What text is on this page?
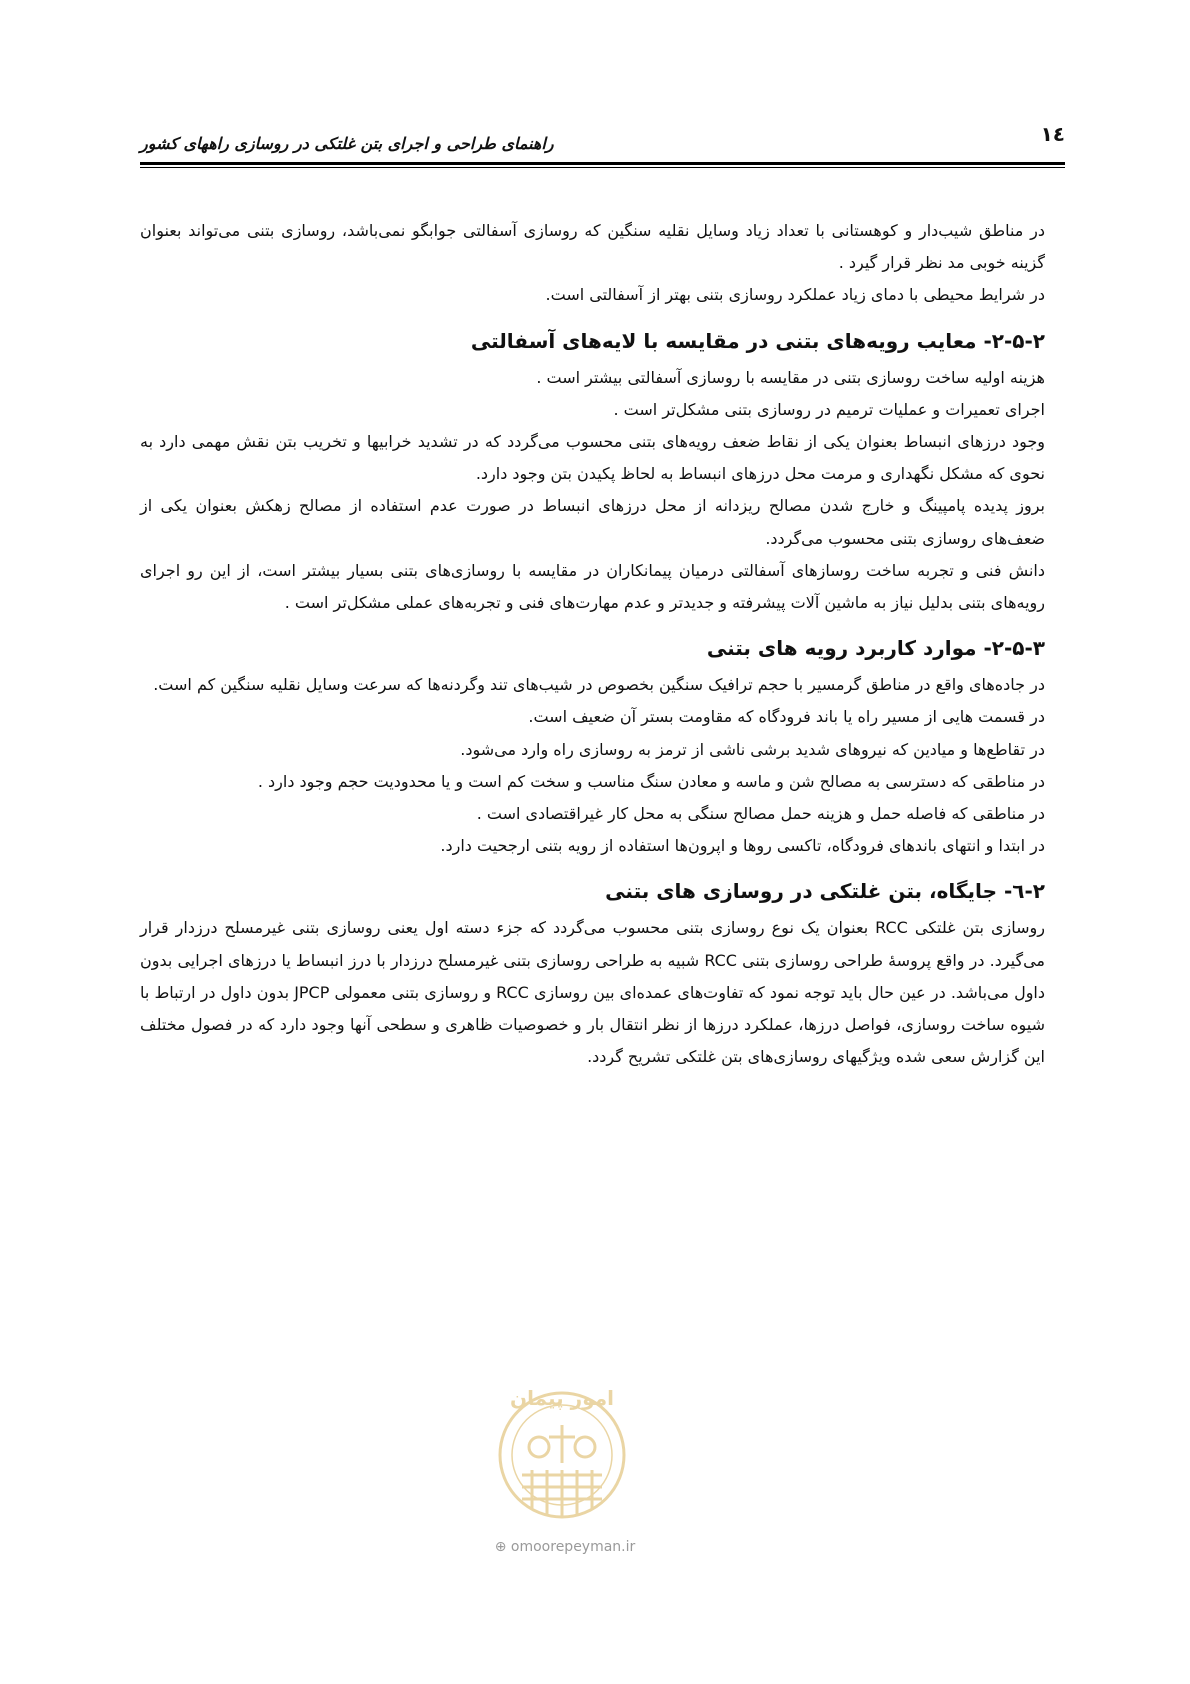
١٤
راهنمای طراحی و اجرای بتن غلتکی در روسازی راههای کشور

در مناطق شیب‌دار و کوهستانی با تعداد زیاد وسایل نقلیه سنگین که روسازی آسفالتی جوابگو نمی‌باشد، روسازی بتنی می‌تواند بعنوان گزینه خوبی مد نظر قرار گیرد .

در شرایط محیطی با دمای زیاد عملکرد روسازی بتنی بهتر از آسفالتی است.

۲-۵-۲- معایب رویه‌های بتنی در مقایسه با لایه‌های آسفالتی

هزینه اولیه ساخت روسازی بتنی در مقایسه با روسازی آسفالتی بیشتر است .

اجرای تعمیرات و عملیات ترمیم در روسازی بتنی مشکل‌تر است .

وجود درزهای انبساط بعنوان یکی از نقاط ضعف رویه‌های بتنی محسوب می‌گردد که در تشدید خرابیها و تخریب بتن نقش مهمی دارد به نحوی که مشکل نگهداری و مرمت محل درزهای انبساط به لحاظ پکیدن بتن وجود دارد.

بروز پدیده پامپینگ و خارج شدن مصالح ریزدانه از محل درزهای انبساط در صورت عدم استفاده از مصالح زهکش بعنوان یکی از ضعف‌های روسازی بتنی محسوب می‌گردد.

دانش فنی و تجربه ساخت روسازهای آسفالتی درمیان پیمانکاران در مقایسه با روسازی‌های بتنی بسیار بیشتر است، از این رو اجرای رویه‌های بتنی بدلیل نیاز به ماشین آلات پیشرفته و جدیدتر و عدم مهارت‌های فنی و تجربه‌های عملی مشکل‌تر است .

۲-۵-۳- موارد کاربرد رویه های بتنی

در جاده‌های واقع در مناطق گرمسیر با حجم ترافیک سنگین بخصوص در شیب‌های تند وگردنه‌ها که سرعت وسایل نقلیه سنگین کم است.

در قسمت هایی از مسیر راه یا باند فرودگاه که مقاومت بستر آن ضعیف است.

در تقاطع‌ها و میادین که نیروهای شدید برشی ناشی از ترمز به روسازی راه وارد می‌شود.

در مناطقی که دسترسی به مصالح شن و ماسه و معادن سنگ مناسب و سخت کم است و یا محدودیت حجم وجود دارد .

در مناطقی که فاصله حمل و هزینه حمل مصالح سنگی به محل کار غیراقتصادی است .

در ابتدا و انتهای باندهای فرودگاه، تاکسی روها و اپرون‌ها استفاده از رویه بتنی ارجحیت دارد.

۲-٦- جایگاه، بتن غلتکی در روسازی های بتنی

روسازی بتن غلتکی RCC بعنوان یک نوع روسازی بتنی محسوب می‌گردد که جزء دسته اول یعنی روسازی بتنی غیرمسلح درزدار قرار می‌گیرد. در واقع پروسهٔ طراحی روسازی بتنی RCC شبیه به طراحی روسازی بتنی غیرمسلح درزدار با درز انبساط یا درزهای اجرایی بدون داول می‌باشد. در عین حال باید توجه نمود که تفاوت‌های عمده‌ای بین روسازی RCC و روسازی بتنی معمولی JPCP بدون داول در ارتباط با شیوه ساخت روسازی، فواصل درزها، عملکرد درزها از نظر انتقال بار و خصوصیات ظاهری و سطحی آنها وجود دارد که در فصول مختلف این گزارش سعی شده ویژگیهای روسازی‌های بتن غلتکی تشریح گردد.

امور پیمان
⊕ omoorepeyman.ir
